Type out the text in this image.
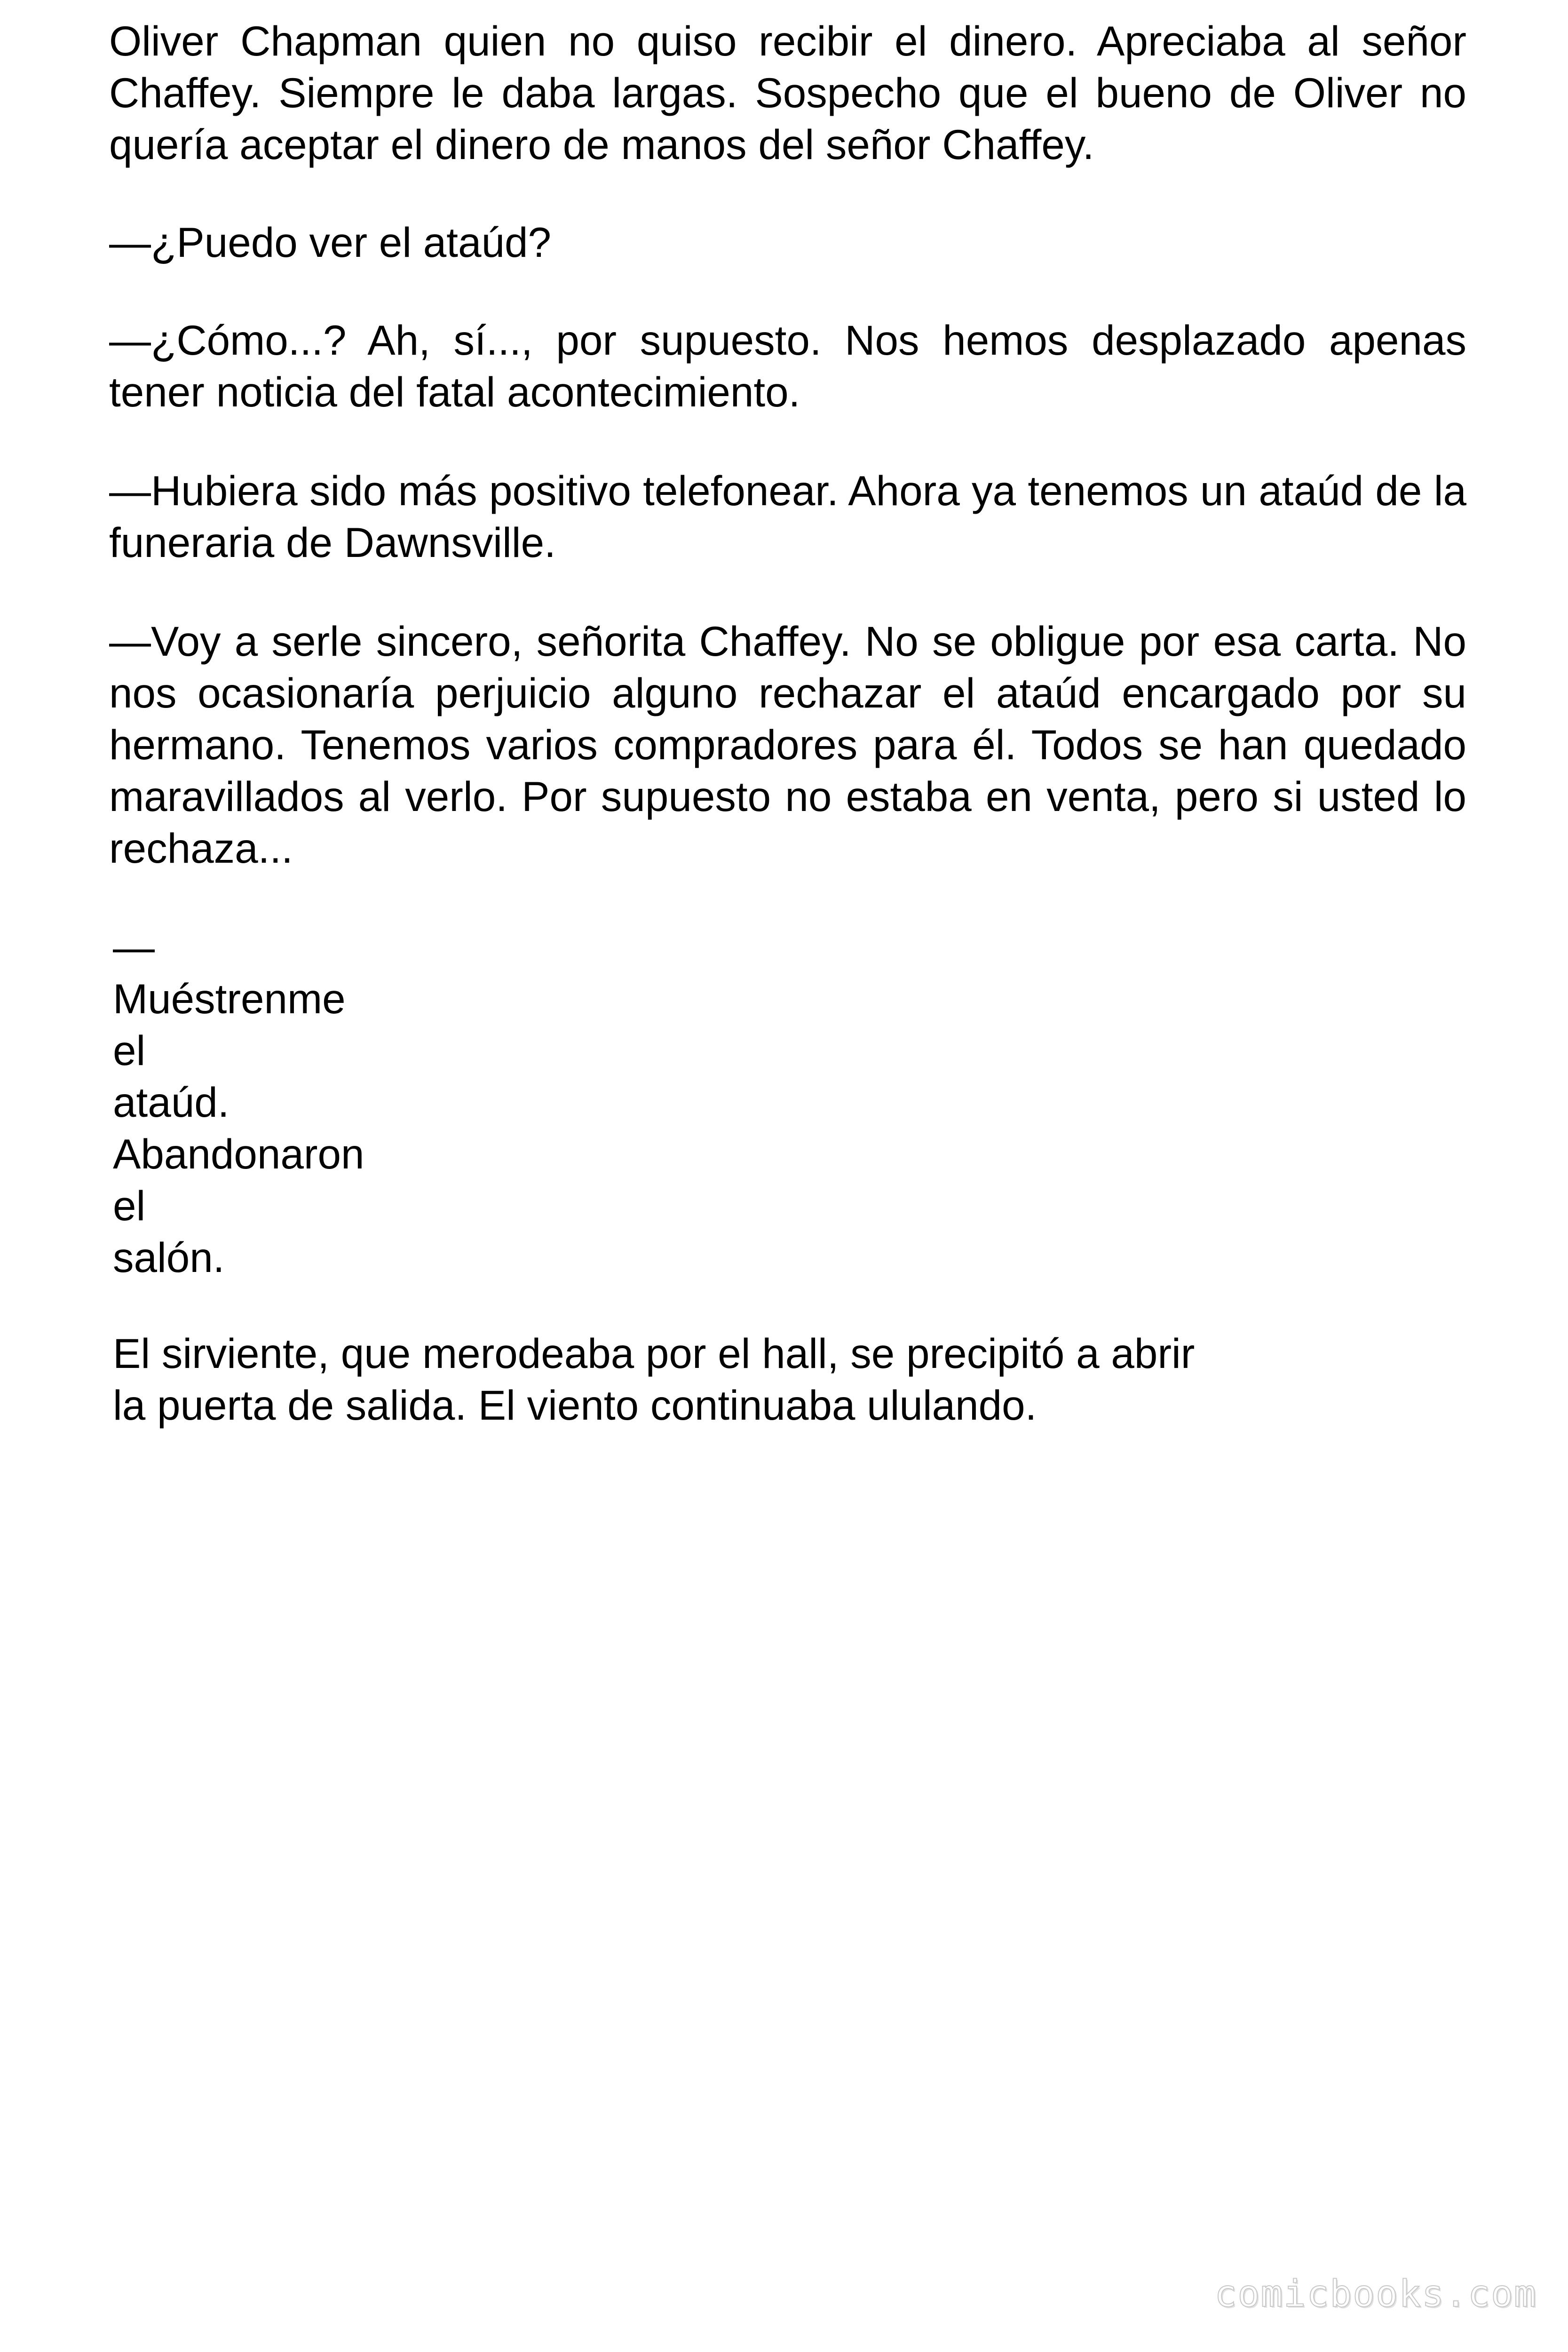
Oliver Chapman quien no quiso recibir el dinero. Apreciaba al señor Chaffey. Siempre le daba largas. Sospecho que el bueno de Oliver no quería aceptar el dinero de manos del señor Chaffey.

—¿Puedo ver el ataúd?

—¿Cómo...? Ah, sí..., por supuesto. Nos hemos desplazado apenas tener noticia del fatal acontecimiento.

—Hubiera sido más positivo telefonear. Ahora ya tenemos un ataúd de la funeraria de Dawnsville.

—Voy a serle sincero, señorita Chaffey. No se obligue por esa carta. No nos ocasionaría perjuicio alguno rechazar el ataúd encargado por su hermano. Tenemos varios compradores para él. Todos se han quedado maravillados al verlo. Por supuesto no estaba en venta, pero si usted lo rechaza...

—
Muéstrenme
el
ataúd.
Abandonaron
el
salón.
El sirviente, que merodeaba por el hall, se precipitó a abrir
la puerta de salida. El viento continuaba ululando.
comicbooks.com
